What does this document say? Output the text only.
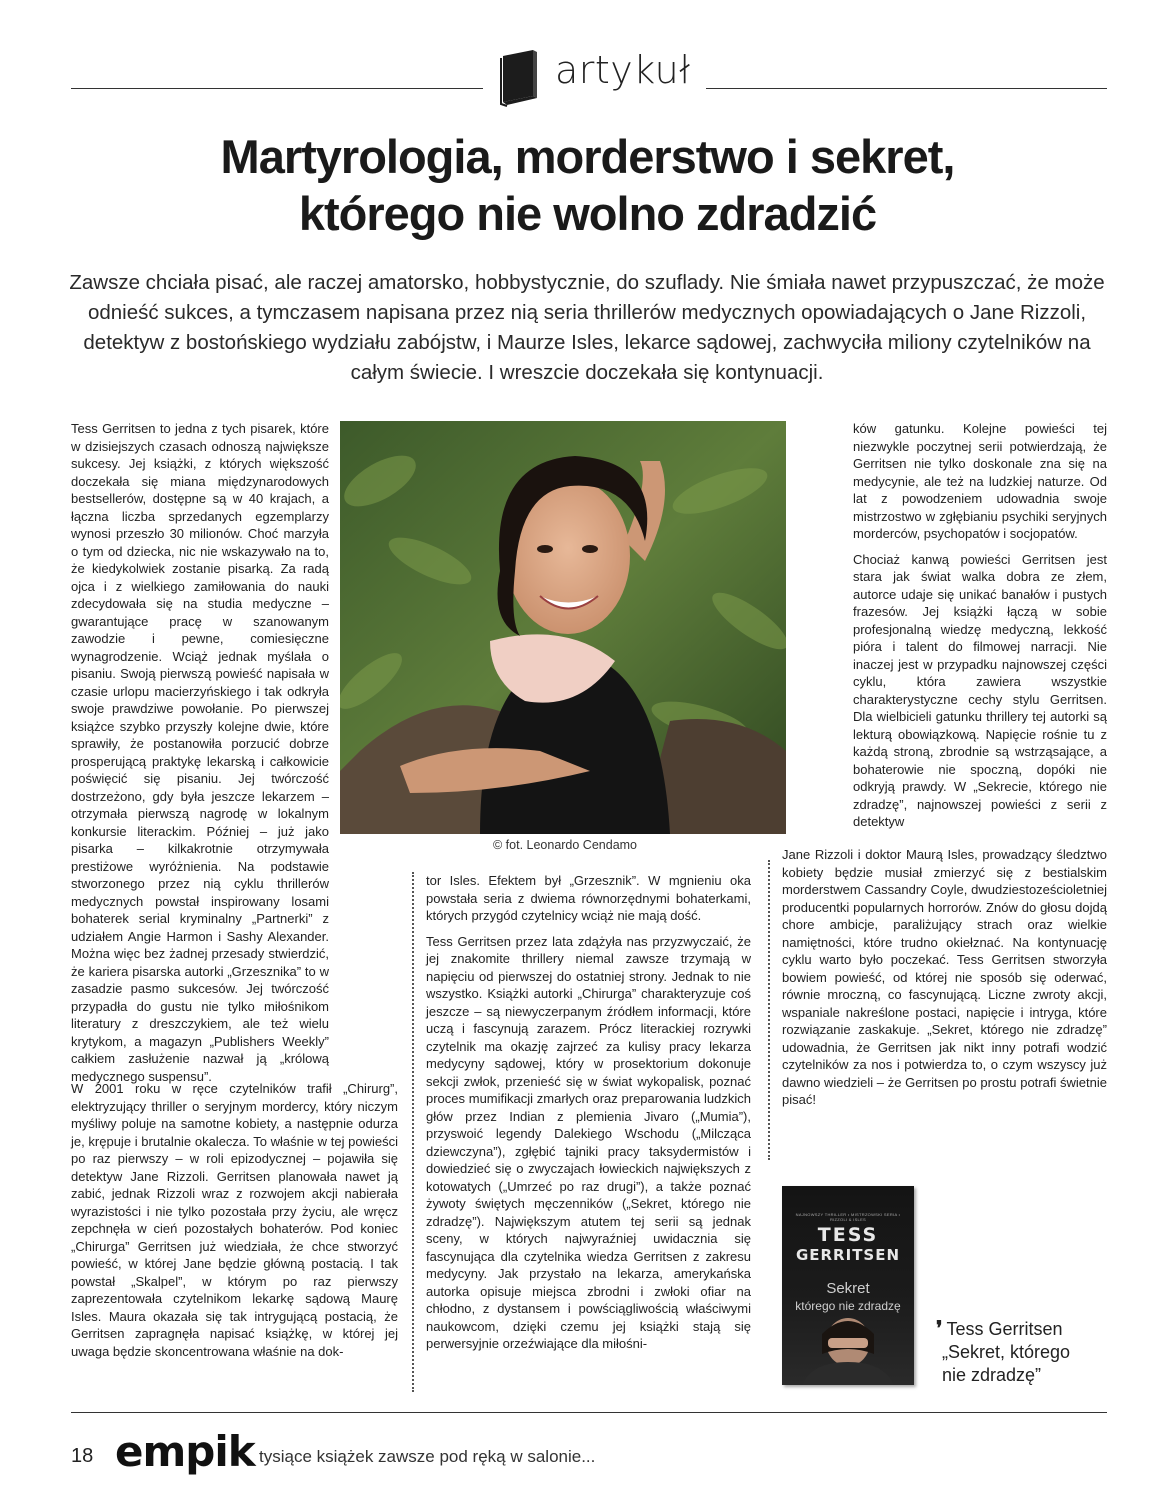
artykuł
Martyrologia, morderstwo i sekret,
którego nie wolno zdradzić
Zawsze chciała pisać, ale raczej amatorsko, hobbystycznie, do szuflady. Nie śmiała nawet przypuszczać, że może odnieść sukces, a tymczasem napisana przez nią seria thrillerów medycznych opowiadających o Jane Rizzoli, detektyw z bostońskiego wydziału zabójstw, i Maurze Isles, lekarce sądowej, zachwyciła miliony czytelników na całym świecie. I wreszcie doczekała się kontynuacji.

Tess Gerritsen to jedna z tych pisarek, które w dzisiejszych czasach odnoszą największe sukcesy. Jej książki, z których większość doczekała się miana międzynarodowych bestsellerów, dostępne są w 40 krajach, a łączna liczba sprzedanych egzemplarzy wynosi przeszło 30 milionów. Choć marzyła o tym od dziecka, nic nie wskazywało na to, że kiedykolwiek zostanie pisarką. Za radą ojca i z wielkiego zamiłowania do nauki zdecydowała się na studia medyczne – gwarantujące pracę w szanowanym zawodzie i pewne, comiesięczne wynagrodzenie. Wciąż jednak myślała o pisaniu. Swoją pierwszą powieść napisała w czasie urlopu macierzyńskiego i tak odkryła swoje prawdziwe powołanie. Po pierwszej książce szybko przyszły kolejne dwie, które sprawiły, że postanowiła porzucić dobrze prosperującą praktykę lekarską i całkowicie poświęcić się pisaniu. Jej twórczość dostrzeżono, gdy była jeszcze lekarzem – otrzymała pierwszą nagrodę w lokalnym konkursie literackim. Później – już jako pisarka – kilkakrotnie otrzymywała prestiżowe wyróżnienia. Na podstawie stworzonego przez nią cyklu thrillerów medycznych powstał inspirowany losami bohaterek serial kryminalny „Partnerki” z udziałem Angie Harmon i Sashy Alexander. Można więc bez żadnej przesady stwierdzić, że kariera pisarska autorki „Grzesznika” to w zasadzie pasmo sukcesów. Jej twórczość przypadła do gustu nie tylko miłośnikom literatury z dreszczykiem, ale też wielu krytykom, a magazyn „Publishers Weekly” całkiem zasłużenie nazwał ją „królową medycznego suspensu”.

© fot. Leonardo Cendamo

ków gatunku. Kolejne powieści tej niezwykle poczytnej serii potwierdzają, że Gerritsen nie tylko doskonale zna się na medycynie, ale też na ludzkiej naturze. Od lat z powodzeniem udowadnia swoje mistrzostwo w zgłębianiu psychiki seryjnych morderców, psychopatów i socjopatów.

Chociaż kanwą powieści Gerritsen jest stara jak świat walka dobra ze złem, autorce udaje się unikać banałów i pustych frazesów. Jej książki łączą w sobie profesjonalną wiedzę medyczną, lekkość pióra i talent do filmowej narracji. Nie inaczej jest w przypadku najnowszej części cyklu, która zawiera wszystkie charakterystyczne cechy stylu Gerritsen. Dla wielbicieli gatunku thrillery tej autorki są lekturą obowiązkową. Napięcie rośnie tu z każdą stroną, zbrodnie są wstrząsające, a bohaterowie nie spoczną, dopóki nie odkryją prawdy. W „Sekrecie, którego nie zdradzę”, najnowszej powieści z serii z detektyw

W 2001 roku w ręce czytelników trafił „Chirurg”, elektryzujący thriller o seryjnym mordercy, który niczym myśliwy poluje na samotne kobiety, a następnie odurza je, krępuje i brutalnie okalecza. To właśnie w tej powieści po raz pierwszy – w roli epizodycznej – pojawiła się detektyw Jane Rizzoli. Gerritsen planowała nawet ją zabić, jednak Rizzoli wraz z rozwojem akcji nabierała wyrazistości i nie tylko pozostała przy życiu, ale wręcz zepchnęła w cień pozostałych bohaterów. Pod koniec „Chirurga” Gerritsen już wiedziała, że chce stworzyć powieść, w której Jane będzie główną postacią. I tak powstał „Skalpel”, w którym po raz pierwszy zaprezentowała czytelnikom lekarkę sądową Maurę Isles. Maura okazała się tak intrygującą postacią, że Gerritsen zapragnęła napisać książkę, w której jej uwaga będzie skoncentrowana właśnie na dok-

tor Isles. Efektem był „Grzesznik”. W mgnieniu oka powstała seria z dwiema równorzędnymi bohaterkami, których przygód czytelnicy wciąż nie mają dość.

Tess Gerritsen przez lata zdążyła nas przyzwyczaić, że jej znakomite thrillery niemal zawsze trzymają w napięciu od pierwszej do ostatniej strony. Jednak to nie wszystko. Książki autorki „Chirurga” charakteryzuje coś jeszcze – są niewyczerpanym źródłem informacji, które uczą i fascynują zarazem. Prócz literackiej rozrywki czytelnik ma okazję zajrzeć za kulisy pracy lekarza medycyny sądowej, który w prosektorium dokonuje sekcji zwłok, przenieść się w świat wykopalisk, poznać proces mumifikacji zmarłych oraz preparowania ludzkich głów przez Indian z plemienia Jivaro („Mumia”), przyswoić legendy Dalekiego Wschodu („Milcząca dziewczyna”), zgłębić tajniki pracy taksydermistów i dowiedzieć się o zwyczajach łowieckich największych z kotowatych („Umrzeć po raz drugi”), a także poznać żywoty świętych męczenników („Sekret, którego nie zdradzę”). Największym atutem tej serii są jednak sceny, w których najwyraźniej uwidacznia się fascynująca dla czytelnika wiedza Gerritsen z zakresu medycyny. Jak przystało na lekarza, amerykańska autorka opisuje miejsca zbrodni i zwłoki ofiar na chłodno, z dystansem i powściągliwością właściwymi naukowcom, dzięki czemu jej książki stają się perwersyjnie orzeźwiające dla miłośni-

Jane Rizzoli i doktor Maurą Isles, prowadzący śledztwo kobiety będzie musiał zmierzyć się z bestialskim morderstwem Cassandry Coyle, dwudziestoześcioletniej producentki popularnych horrorów. Znów do głosu dojdą chore ambicje, paraliżujący strach oraz wielkie namiętności, które trudno okiełznać. Na kontynuację cyklu warto było poczekać. Tess Gerritsen stworzyła bowiem powieść, od której nie sposób się oderwać, równie mroczną, co fascynującą. Liczne zwroty akcji, wspaniale nakreślone postaci, napięcie i intryga, które rozwiązanie zaskakuje. „Sekret, którego nie zdradzę” udowadnia, że Gerritsen jak nikt inny potrafi wodzić czytelników za nos i potwierdza to, o czym wszyscy już dawno wiedzieli – że Gerritsen po prostu potrafi świetnie pisać!

NAJNOWSZY THRILLER • MISTRZOWSKI SERIA • RIZZOLI & ISLES
TESS
GERRITSEN
Sekret
którego nie zdradzę
❜ Tess Gerritsen
„Sekret, którego
nie zdradzę”
18 empik tysiące książek zawsze pod ręką w salonie...
